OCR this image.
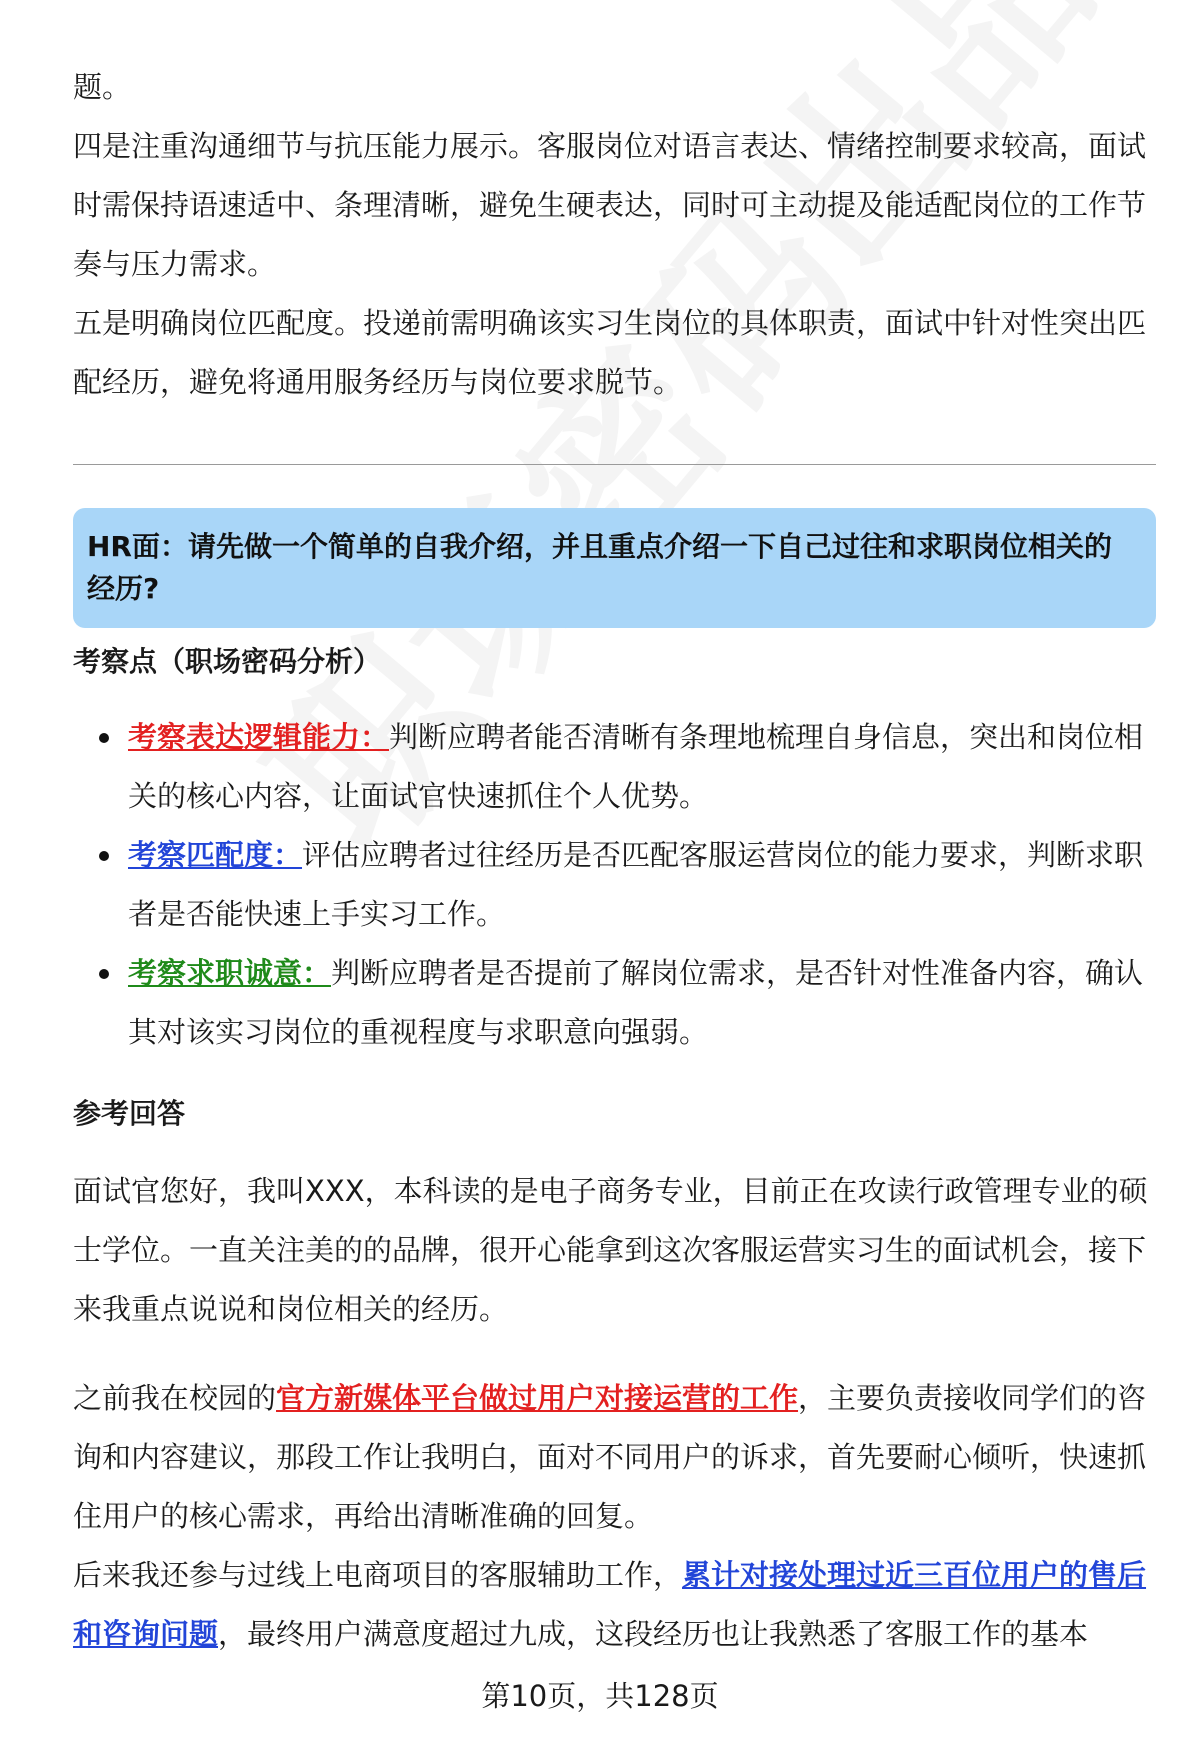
题。

四是注重沟通细节与抗压能力展示。客服岗位对语言表达、情绪控制要求较高，面试时需保持语速适中、条理清晰，避免生硬表达，同时可主动提及能适配岗位的工作节奏与压力需求。

五是明确岗位匹配度。投递前需明确该实习生岗位的具体职责，面试中针对性突出匹配经历，避免将通用服务经历与岗位要求脱节。

HR面：请先做一个简单的自我介绍，并且重点介绍一下自己过往和求职岗位相关的经历?
考察点（职场密码分析）
考察表达逻辑能力：判断应聘者能否清晰有条理地梳理自身信息，突出和岗位相关的核心内容，让面试官快速抓住个人优势。
考察匹配度：评估应聘者过往经历是否匹配客服运营岗位的能力要求，判断求职者是否能快速上手实习工作。
考察求职诚意：判断应聘者是否提前了解岗位需求，是否针对性准备内容，确认其对该实习岗位的重视程度与求职意向强弱。
参考回答

面试官您好，我叫XXX，本科读的是电子商务专业，目前正在攻读行政管理专业的硕士学位。一直关注美的的品牌，很开心能拿到这次客服运营实习生的面试机会，接下来我重点说说和岗位相关的经历。

之前我在校园的官方新媒体平台做过用户对接运营的工作，主要负责接收同学们的咨询和内容建议，那段工作让我明白，面对不同用户的诉求，首先要耐心倾听，快速抓住用户的核心需求，再给出清晰准确的回复。

后来我还参与过线上电商项目的客服辅助工作，累计对接处理过近三百位用户的售后和咨询问题，最终用户满意度超过九成，这段经历也让我熟悉了客服工作的基本

第10页，共128页
